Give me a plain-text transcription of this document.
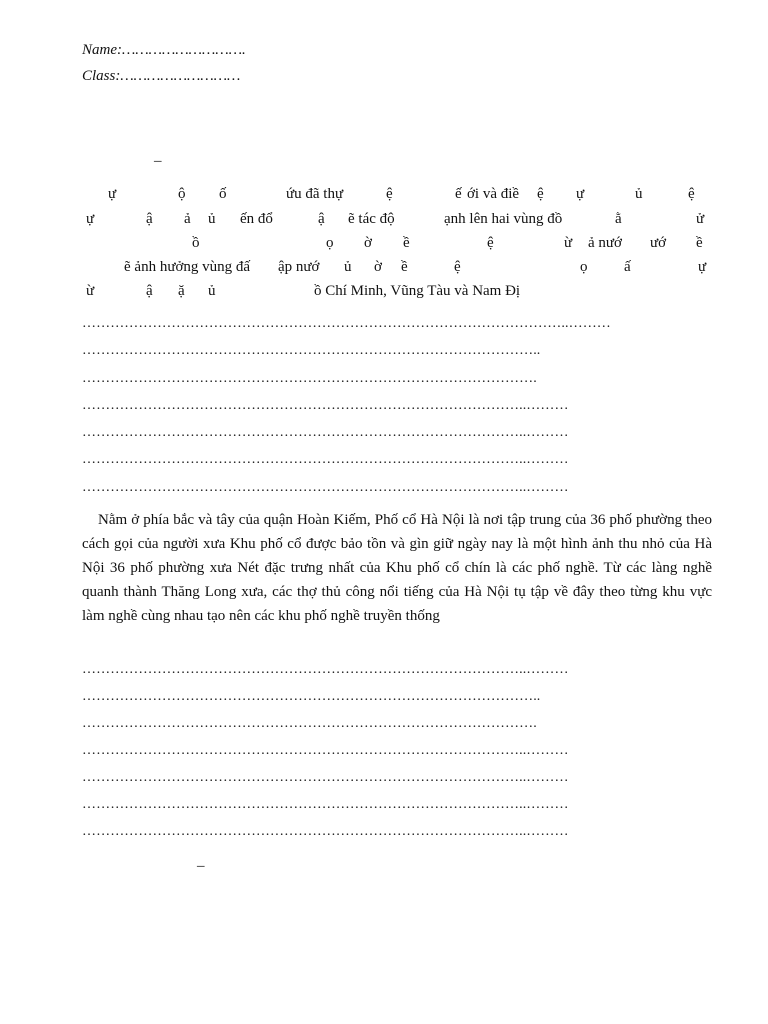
Name:……………………….
Class:………………………
–
ự	ộ ố	ứu đã thự	ệ	ế ới và điề ệ ự	ủ	ệ
ự	ậ ả ủ ến đổ	ậ ẽ tác độ	ạnh lên hai vùng đồ	ằ	ử
ồ	ọ ờ ề	ệ	ừ ả nướ ướ ề
ẽ ảnh hưởng vùng đấ ập nướ ủ ờ ề	ệ	ọ ấ	ự
ừ	ậ ặ ủ	ồ Chí Minh, Vũng Tàu và Nam Đị
…………………………………………………………………………………………..………
……………………………………………………………………………………..
…………………………………………………………………………………….
…………………………………………………………………………………..………
…………………………………………………………………………………..………
…………………………………………………………………………………..………
…………………………………………………………………………………..………
Nằm ở phía bắc và tây của quận Hoàn Kiếm, Phố cổ Hà Nội là nơi tập trung của 36 phố phường theo cách gọi của người xưa Khu phố cổ được bảo tồn và gìn giữ ngày nay là một hình ảnh thu nhỏ của Hà Nội 36 phố phường xưa Nét đặc trưng nhất của Khu phố cổ chín là các phố nghề. Từ các làng nghề quanh thành Thăng Long xưa, các thợ thủ công nổi tiếng của Hà Nội tụ tập về đây theo từng khu vực làm nghề cùng nhau tạo nên các khu phố nghề truyền thống
…………………………………………………………………………………..………
……………………………………………………………………………………..
…………………………………………………………………………………….
…………………………………………………………………………………..………
…………………………………………………………………………………..………
…………………………………………………………………………………..………
…………………………………………………………………………………..………
–
